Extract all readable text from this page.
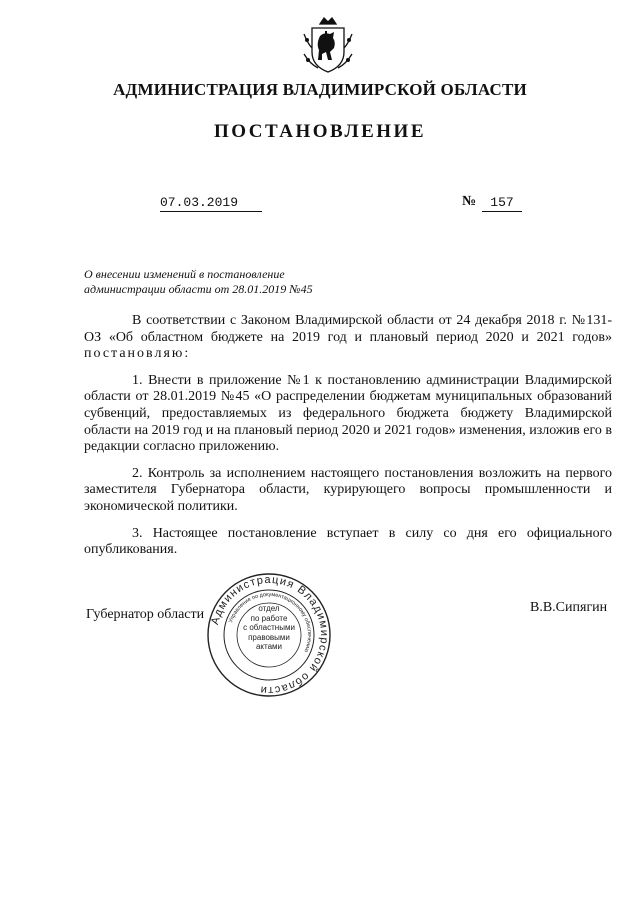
АДМИНИСТРАЦИЯ ВЛАДИМИРСКОЙ ОБЛАСТИ
ПОСТАНОВЛЕНИЕ
07.03.2019	№	157
О внесении изменений в постановление
администрации области от 28.01.2019 №45

В соответствии с Законом Владимирской области от 24 декабря 2018 г. №131-ОЗ «Об областном бюджете на 2019 год и плановый период 2020 и 2021 годов» постановляю:

1. Внести в приложение №1 к постановлению администрации Владимирской области от 28.01.2019 №45 «О распределении бюджетам муниципальных образований субвенций, предоставляемых из федерального бюджета бюджету Владимирской области на 2019 год и на плановый период 2020 и 2021 годов» изменения, изложив его в редакции согласно приложению.

2. Контроль за исполнением настоящего постановления возложить на первого заместителя Губернатора области, курирующего вопросы промышленности и экономической политики.

3. Настоящее постановление вступает в силу со дня его официального опубликования.

Губернатор области	В.В.Сипягин
Администрация Владимирской области
Управление по документационному обеспечению
отдел
по работе
с областными
правовыми
актами
